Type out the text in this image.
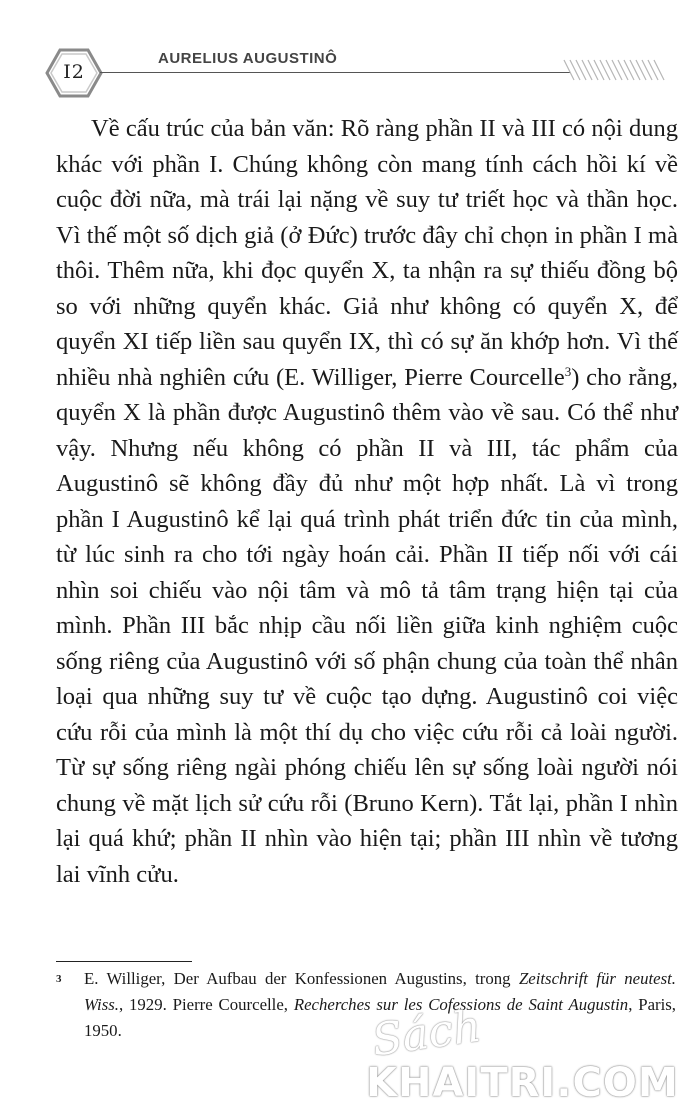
I2
AURELIUS AUGUSTINÔ

Về cấu trúc của bản văn: Rõ ràng phần II và III có nội dung khác với phần I. Chúng không còn mang tính cách hồi kí về cuộc đời nữa, mà trái lại nặng về suy tư triết học và thần học. Vì thế một số dịch giả (ở Đức) trước đây chỉ chọn in phần I mà thôi. Thêm nữa, khi đọc quyển X, ta nhận ra sự thiếu đồng bộ so với những quyển khác. Giả như không có quyển X, để quyển XI tiếp liền sau quyển IX, thì có sự ăn khớp hơn. Vì thế nhiều nhà nghiên cứu (E. Williger, Pierre Courcelle$^3$) cho rằng, quyển X là phần được Augustinô thêm vào về sau. Có thể như vậy. Nhưng nếu không có phần II và III, tác phẩm của Augustinô sẽ không đầy đủ như một hợp nhất. Là vì trong phần I Augustinô kể lại quá trình phát triển đức tin của mình, từ lúc sinh ra cho tới ngày hoán cải. Phần II tiếp nối với cái nhìn soi chiếu vào nội tâm và mô tả tâm trạng hiện tại của mình. Phần III bắc nhịp cầu nối liền giữa kinh nghiệm cuộc sống riêng của Augustinô với số phận chung của toàn thể nhân loại qua những suy tư về cuộc tạo dựng. Augustinô coi việc cứu rỗi của mình là một thí dụ cho việc cứu rỗi cả loài người. Từ sự sống riêng ngài phóng chiếu lên sự sống loài người nói chung về mặt lịch sử cứu rỗi (Bruno Kern). Tắt lại, phần I nhìn lại quá khứ; phần II nhìn vào hiện tại; phần III nhìn về tương lai vĩnh cửu.

3 E. Williger, Der Aufbau der Konfessionen Augustins, trong Zeitschrift für neutest. Wiss., 1929. Pierre Courcelle, Recherches sur les Cofessions de Saint Augustin, Paris, 1950.	Sách
KHAITRI.COM
